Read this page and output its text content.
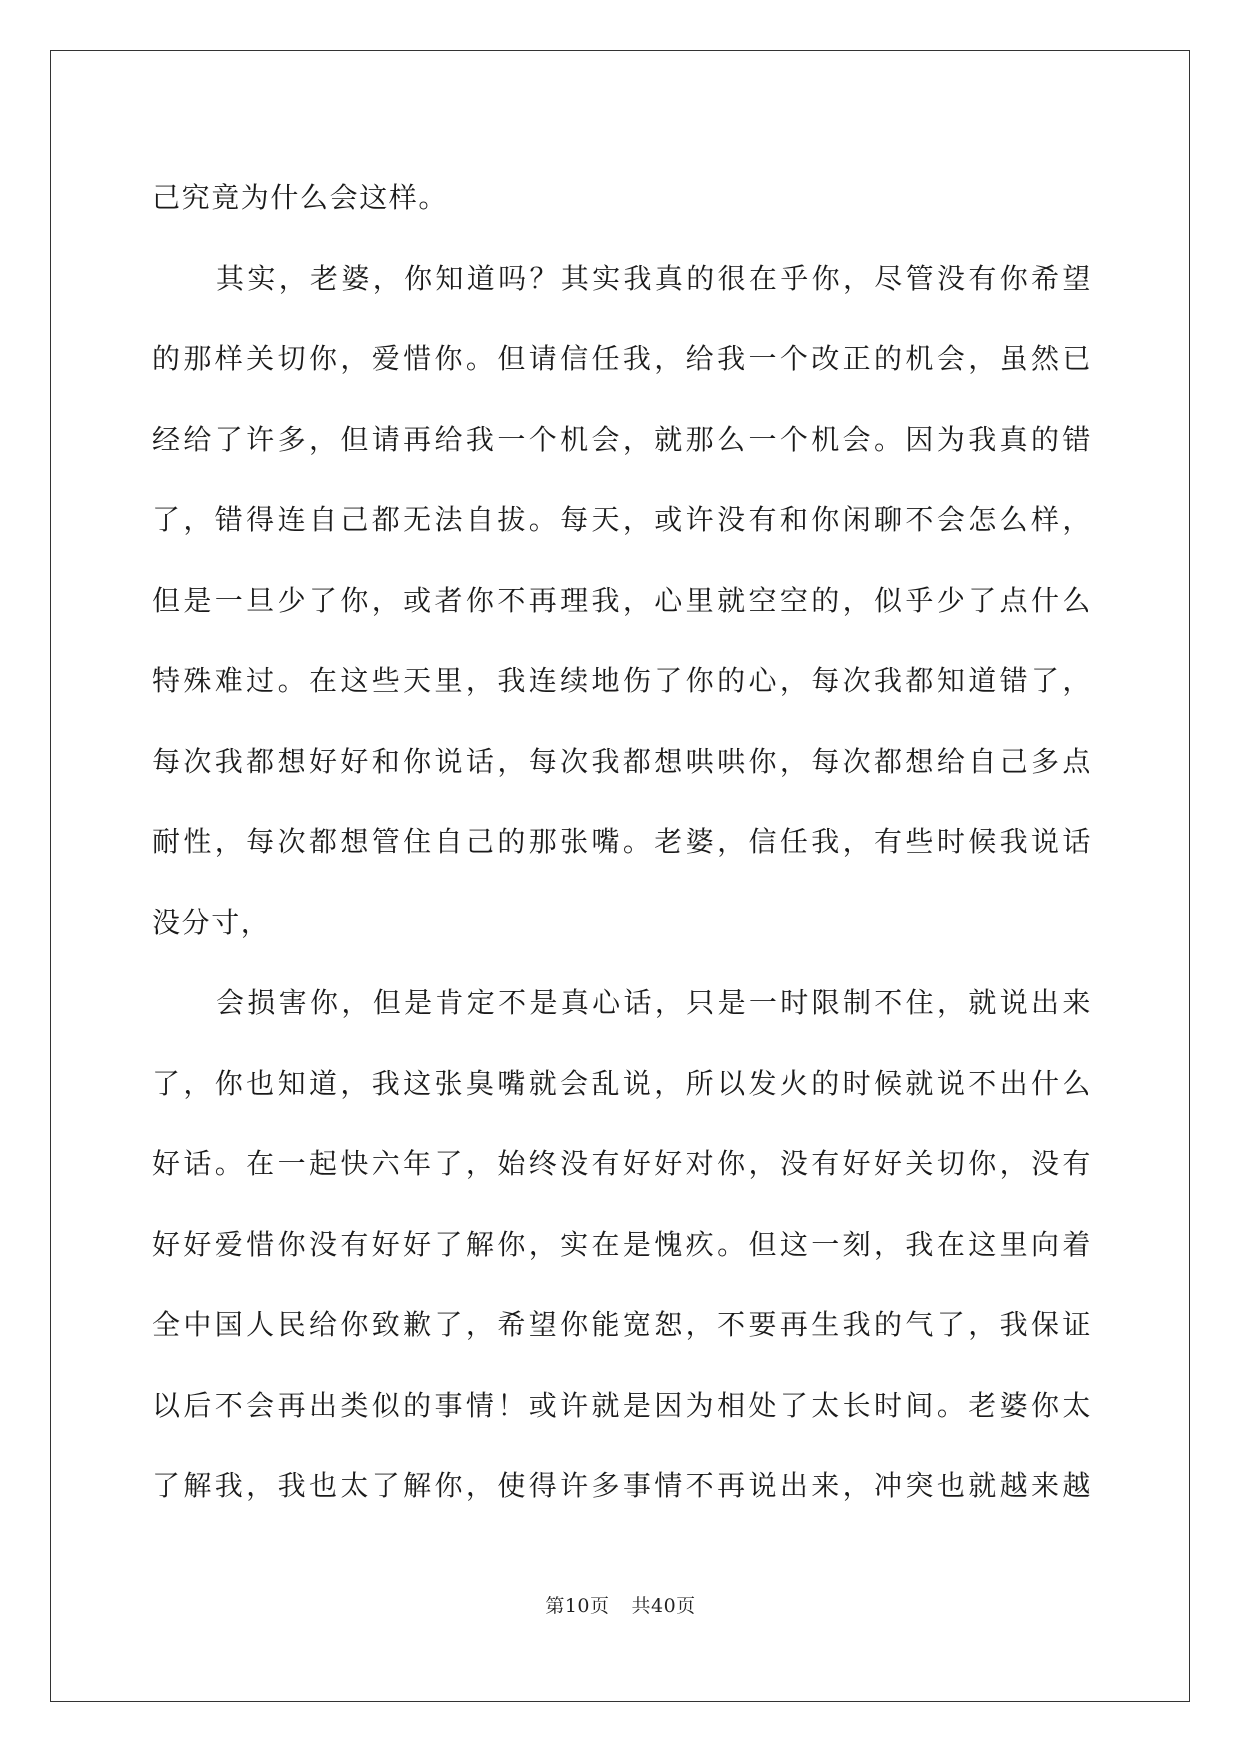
己究竟为什么会这样。
其实，老婆，你知道吗？其实我真的很在乎你，尽管没有你希望
的那样关切你，爱惜你。但请信任我，给我一个改正的机会，虽然已
经给了许多，但请再给我一个机会，就那么一个机会。因为我真的错
了，错得连自己都无法自拔。每天，或许没有和你闲聊不会怎么样，
但是一旦少了你，或者你不再理我，心里就空空的，似乎少了点什么
特殊难过。在这些天里，我连续地伤了你的心，每次我都知道错了，
每次我都想好好和你说话，每次我都想哄哄你，每次都想给自己多点
耐性，每次都想管住自己的那张嘴。老婆，信任我，有些时候我说话
没分寸，
会损害你，但是肯定不是真心话，只是一时限制不住，就说出来
了，你也知道，我这张臭嘴就会乱说，所以发火的时候就说不出什么
好话。在一起快六年了，始终没有好好对你，没有好好关切你，没有
好好爱惜你没有好好了解你，实在是愧疚。但这一刻，我在这里向着
全中国人民给你致歉了，希望你能宽恕，不要再生我的气了，我保证
以后不会再出类似的事情！或许就是因为相处了太长时间。老婆你太
了解我，我也太了解你，使得许多事情不再说出来，冲突也就越来越
第10页 共40页
